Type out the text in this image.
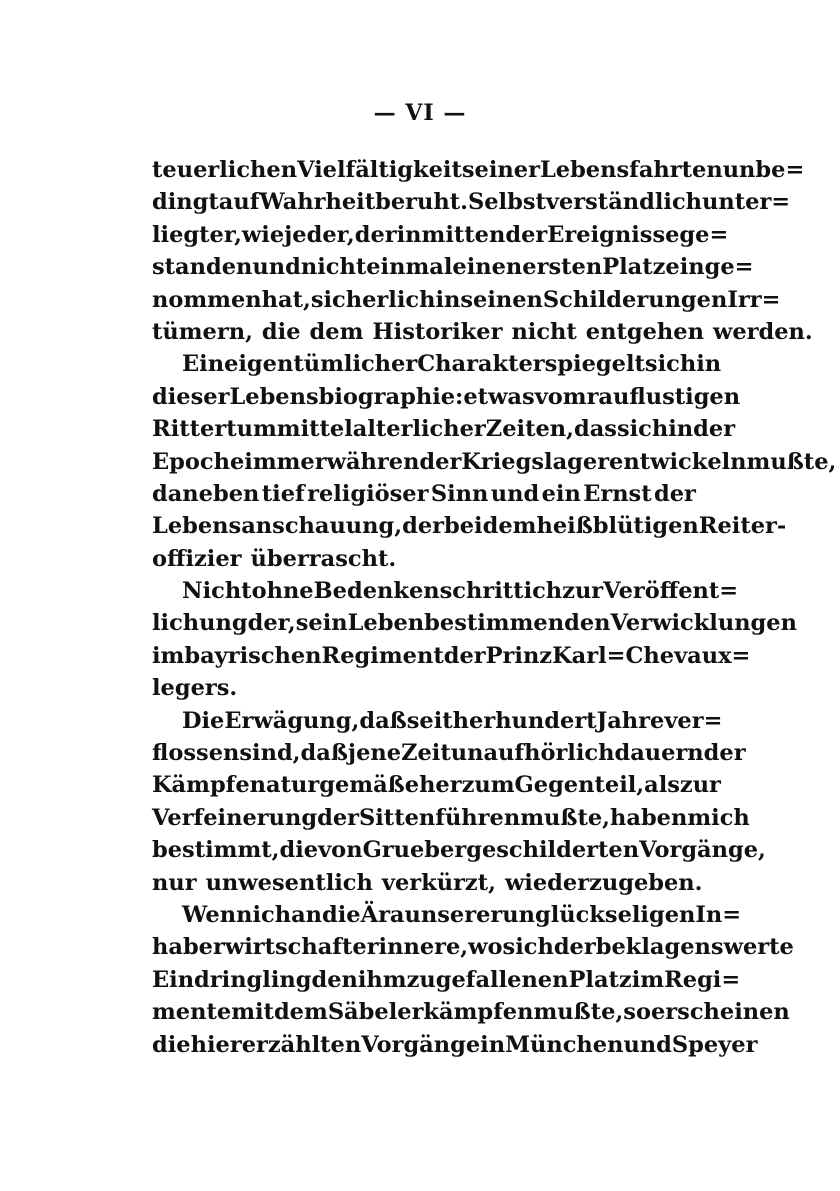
— VI —
teuerlichen Vielfältigkeit seiner Lebensfahrten unbe=
dingt auf Wahrheit beruht. Selbstverständlich unter=
liegt er, wie jeder, der inmitten der Ereignisse ge=
standen und nicht einmal einen ersten Platz einge=
nommen hat, sicherlich in seinen Schilderungen Irr=
tümern, die dem Historiker nicht entgehen werden.
Ein eigentümlicher Charakter spiegelt sich in
dieser Lebensbiographie: etwas vom rauflustigen
Rittertum mittelalterlicher Zeiten, das sich in der
Epoche immerwährender Kriegslager entwickeln mußte,
daneben tief religiöser Sinn und ein Ernst der
Lebensanschauung, der bei dem heißblütigen Reiter-
offizier überrascht.
Nicht ohne Bedenken schritt ich zur Veröffent=
lichung der, sein Leben bestimmenden Verwicklungen
im bayrischen Regiment der Prinz Karl=Chevaux=
legers.
Die Erwägung, daß seither hundert Jahre ver=
flossen sind, daß jene Zeit unaufhörlich dauernder
Kämpfe naturgemäß eher zum Gegenteil, als zur
Verfeinerung der Sitten führen mußte, haben mich
bestimmt, die von Grueber geschilderten Vorgänge,
nur unwesentlich verkürzt, wiederzugeben.
Wenn ich an die Ära unserer unglückseligen In=
haberwirtschaft erinnere, wo sich der beklagenswerte
Eindringling den ihm zugefallenen Platz im Regi=
mente mit dem Säbel erkämpfen mußte, so erscheinen
die hier erzählten Vorgänge in München und Speyer
